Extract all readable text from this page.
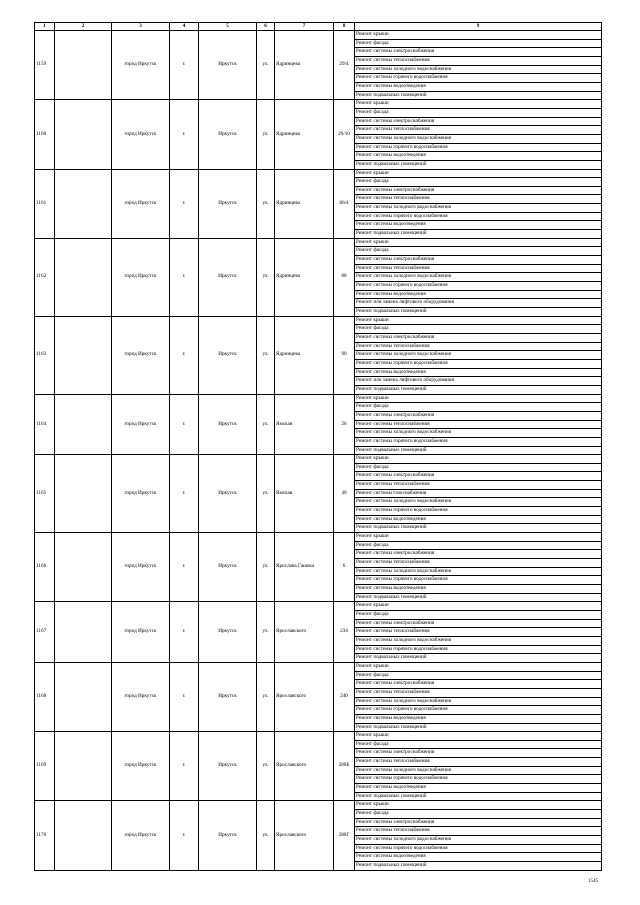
1	2	3	4	5	6	7	8	9
1159		город Иркутск	г.	Иркутск	ул.	Ядринцева	29/4	Ремонт крыши
								Ремонт фасада
								Ремонт системы электроснабжения
								Ремонт системы теплоснабжения
								Ремонт системы холодного водоснабжения
								Ремонт системы горячего водоснабжения
								Ремонт системы водоотведения
								Ремонт подвальных помещений
1160		город Иркутск	г.	Иркутск	ул.	Ядринцева	29/10	Ремонт крыши
								Ремонт фасада
								Ремонт системы электроснабжения
								Ремонт системы теплоснабжения
								Ремонт системы холодного водоснабжения
								Ремонт системы горячего водоснабжения
								Ремонт системы водоотведения
								Ремонт подвальных помещений
1161		город Иркутск	г.	Иркутск	ул.	Ядринцева	86/4	Ремонт крыши
								Ремонт фасада
								Ремонт системы электроснабжения
								Ремонт системы теплоснабжения
								Ремонт системы холодного водоснабжения
								Ремонт системы горячего водоснабжения
								Ремонт системы водоотведения
								Ремонт подвальных помещений
1162		город Иркутск	г.	Иркутск	ул.	Ядринцева	88	Ремонт крыши
								Ремонт фасада
								Ремонт системы электроснабжения
								Ремонт системы теплоснабжения
								Ремонт системы холодного водоснабжения
								Ремонт системы горячего водоснабжения
								Ремонт системы водоотведения
								Ремонт или замена лифтового оборудования
								Ремонт подвальных помещений
1163		город Иркутск	г.	Иркутск	ул.	Ядринцева	90	Ремонт крыши
								Ремонт фасада
								Ремонт системы электроснабжения
								Ремонт системы теплоснабжения
								Ремонт системы холодного водоснабжения
								Ремонт системы горячего водоснабжения
								Ремонт системы водоотведения
								Ремонт или замена лифтового оборудования
								Ремонт подвальных помещений
1164		город Иркутск	г.	Иркутск	ул.	Ямская	26	Ремонт крыши
								Ремонт фасада
								Ремонт системы электроснабжения
								Ремонт системы теплоснабжения
								Ремонт системы холодного водоснабжения
								Ремонт системы горячего водоснабжения
								Ремонт подвальных помещений
1165		город Иркутск	г.	Иркутск	ул.	Ямская	40	Ремонт крыши
								Ремонт фасада
								Ремонт системы электроснабжения
								Ремонт системы теплоснабжения
								Ремонт системы газоснабжения
								Ремонт системы холодного водоснабжения
								Ремонт системы горячего водоснабжения
								Ремонт системы водоотведения
								Ремонт подвальных помещений
1166		город Иркутск	г.	Иркутск	ул.	Ярослава Гашека	6	Ремонт крыши
								Ремонт фасада
								Ремонт системы электроснабжения
								Ремонт системы теплоснабжения
								Ремонт системы холодного водоснабжения
								Ремонт системы горячего водоснабжения
								Ремонт системы водоотведения
								Ремонт подвальных помещений
1167		город Иркутск	г.	Иркутск	ул.	Ярославского	234	Ремонт крыши
								Ремонт фасада
								Ремонт системы электроснабжения
								Ремонт системы теплоснабжения
								Ремонт системы холодного водоснабжения
								Ремонт системы горячего водоснабжения
								Ремонт подвальных помещений
1168		город Иркутск	г.	Иркутск	ул.	Ярославского	240	Ремонт крыши
								Ремонт фасада
								Ремонт системы электроснабжения
								Ремонт системы теплоснабжения
								Ремонт системы холодного водоснабжения
								Ремонт системы горячего водоснабжения
								Ремонт системы водоотведения
								Ремонт подвальных помещений
1169		город Иркутск	г.	Иркутск	ул.	Ярославского	280Б	Ремонт крыши
								Ремонт фасада
								Ремонт системы электроснабжения
								Ремонт системы теплоснабжения
								Ремонт системы холодного водоснабжения
								Ремонт системы горячего водоснабжения
								Ремонт системы водоотведения
								Ремонт подвальных помещений
1170		город Иркутск	г.	Иркутск	ул.	Ярославского	280Г	Ремонт крыши
								Ремонт фасада
								Ремонт системы электроснабжения
								Ремонт системы теплоснабжения
								Ремонт системы холодного водоснабжения
								Ремонт системы горячего водоснабжения
								Ремонт системы водоотведения
								Ремонт подвальных помещений
1545
